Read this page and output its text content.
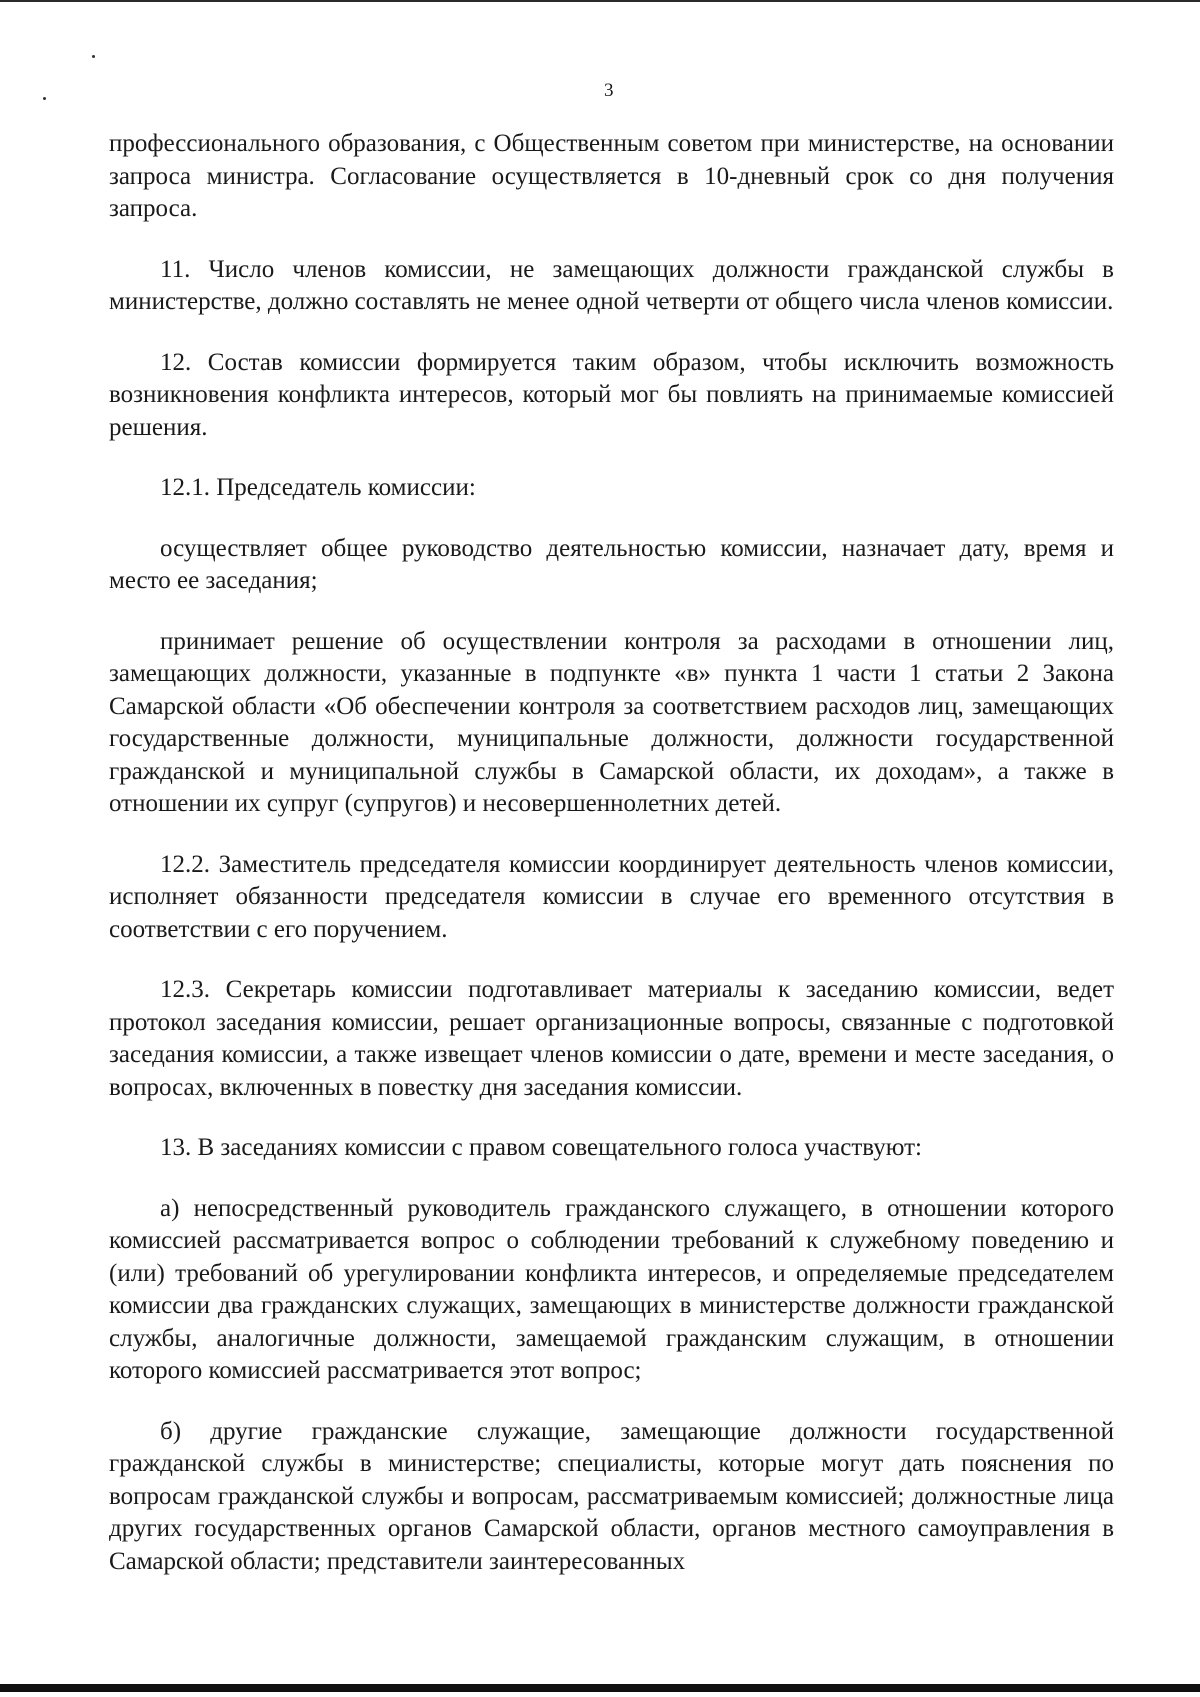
3

профессионального образования, с Общественным советом при министерстве, на основании запроса министра. Согласование осуществляется в 10-дневный срок со дня получения запроса.

11. Число членов комиссии, не замещающих должности гражданской службы в министерстве, должно составлять не менее одной четверти от общего числа членов комиссии.

12. Состав комиссии формируется таким образом, чтобы исключить возможность возникновения конфликта интересов, который мог бы повлиять на принимаемые комиссией решения.

12.1. Председатель комиссии:

осуществляет общее руководство деятельностью комиссии, назначает дату, время и место ее заседания;

принимает решение об осуществлении контроля за расходами в отношении лиц, замещающих должности, указанные в подпункте «в» пункта 1 части 1 статьи 2 Закона Самарской области «Об обеспечении контроля за соответствием расходов лиц, замещающих государственные должности, муниципальные должности, должности государственной гражданской и муниципальной службы в Самарской области, их доходам», а также в отношении их супруг (супругов) и несовершеннолетних детей.

12.2. Заместитель председателя комиссии координирует деятельность членов комиссии, исполняет обязанности председателя комиссии в случае его временного отсутствия в соответствии с его поручением.

12.3. Секретарь комиссии подготавливает материалы к заседанию комиссии, ведет протокол заседания комиссии, решает организационные вопросы, связанные с подготовкой заседания комиссии, а также извещает членов комиссии о дате, времени и месте заседания, о вопросах, включенных в повестку дня заседания комиссии.

13. В заседаниях комиссии с правом совещательного голоса участвуют:

а) непосредственный руководитель гражданского служащего, в отношении которого комиссией рассматривается вопрос о соблюдении требований к служебному поведению и (или) требований об урегулировании конфликта интересов, и определяемые председателем комиссии два гражданских служащих, замещающих в министерстве должности гражданской службы, аналогичные должности, замещаемой гражданским служащим, в отношении которого комиссией рассматривается этот вопрос;

б) другие гражданские служащие, замещающие должности государственной гражданской службы в министерстве; специалисты, которые могут дать пояснения по вопросам гражданской службы и вопросам, рассматриваемым комиссией; должностные лица других государственных органов Самарской области, органов местного самоуправления в Самарской области; представители заинтересованных
